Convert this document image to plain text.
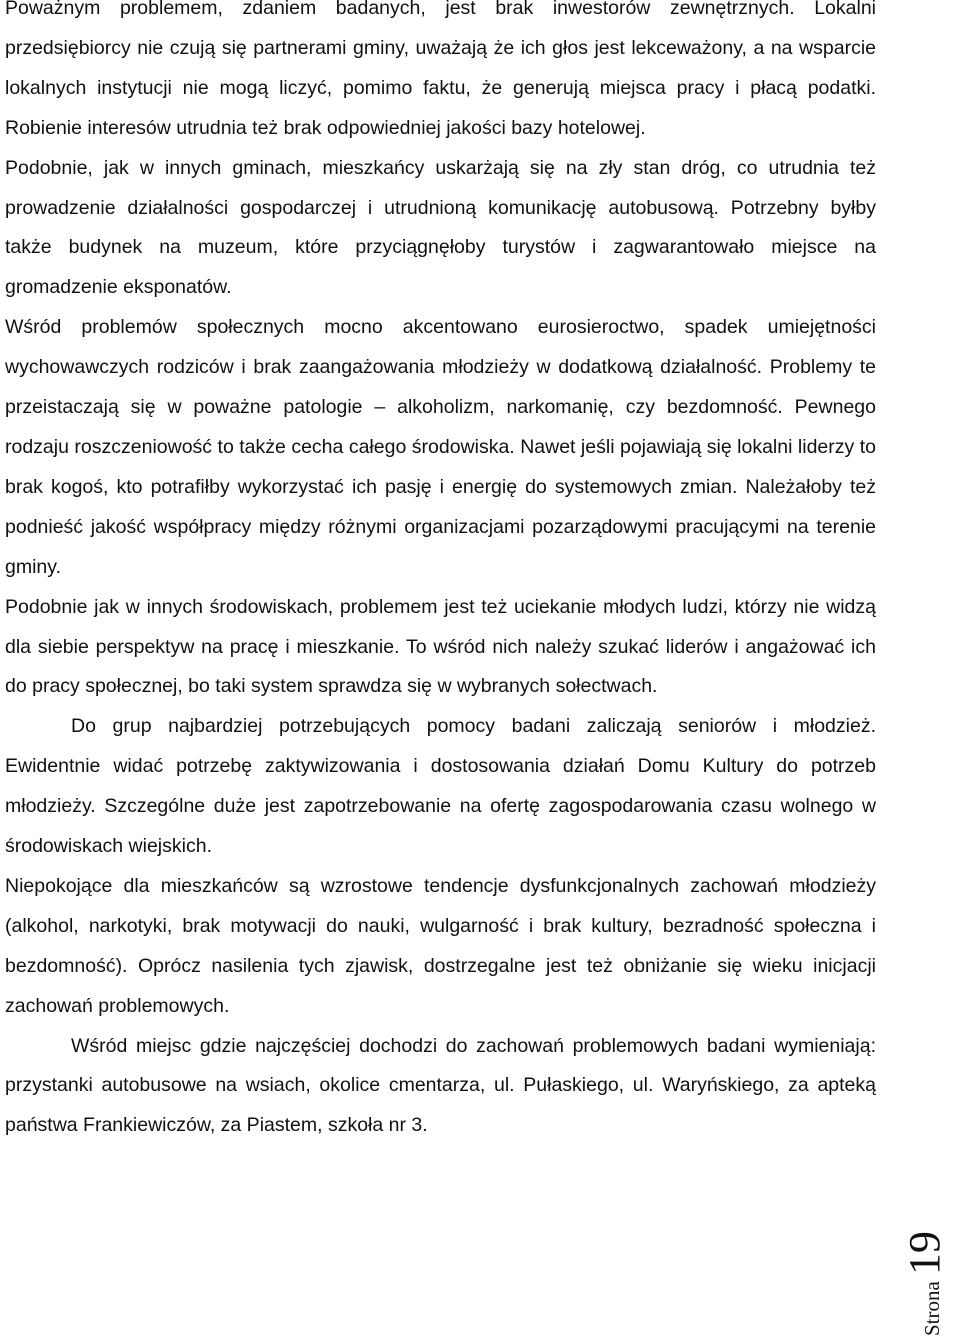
Poważnym problemem, zdaniem badanych, jest brak inwestorów zewnętrznych. Lokalni przedsiębiorcy nie czują się partnerami gminy, uważają że ich głos jest lekceważony, a na wsparcie lokalnych instytucji nie mogą liczyć, pomimo faktu, że generują miejsca pracy i płacą podatki. Robienie interesów utrudnia też brak odpowiedniej jakości bazy hotelowej.

Podobnie, jak w innych gminach, mieszkańcy uskarżają się na zły stan dróg, co utrudnia też prowadzenie działalności gospodarczej i utrudnioną komunikację autobusową. Potrzebny byłby także budynek na muzeum, które przyciągnęłoby turystów i zagwarantowało miejsce na gromadzenie eksponatów.

Wśród problemów społecznych mocno akcentowano eurosieroctwo, spadek umiejętności wychowawczych rodziców i brak zaangażowania młodzieży w dodatkową działalność. Problemy te przeistaczają się w poważne patologie – alkoholizm, narkomanię, czy bezdomność. Pewnego rodzaju roszczeniowość to także cecha całego środowiska. Nawet jeśli pojawiają się lokalni liderzy to brak kogoś, kto potrafiłby wykorzystać ich pasję i energię do systemowych zmian. Należałoby też podnieść jakość współpracy między różnymi organizacjami pozarządowymi pracującymi na terenie gminy.

Podobnie jak w innych środowiskach, problemem jest też uciekanie młodych ludzi, którzy nie widzą dla siebie perspektyw na pracę i mieszkanie. To wśród nich należy szukać liderów i angażować ich do pracy społecznej, bo taki system sprawdza się w wybranych sołectwach.

Do grup najbardziej potrzebujących pomocy badani zaliczają seniorów i młodzież. Ewidentnie widać potrzebę zaktywizowania i dostosowania działań Domu Kultury do potrzeb młodzieży. Szczególne duże jest zapotrzebowanie na ofertę zagospodarowania czasu wolnego w środowiskach wiejskich.

Niepokojące dla mieszkańców są wzrostowe tendencje dysfunkcjonalnych zachowań młodzieży (alkohol, narkotyki, brak motywacji do nauki, wulgarność i brak kultury, bezradność społeczna i bezdomność). Oprócz nasilenia tych zjawisk, dostrzegalne jest też obniżanie się wieku inicjacji zachowań problemowych.

Wśród miejsc gdzie najczęściej dochodzi do zachowań problemowych badani wymieniają: przystanki autobusowe na wsiach, okolice cmentarza, ul. Pułaskiego, ul. Waryńskiego, za apteką państwa Frankiewiczów, za Piastem, szkoła nr 3.

Strona
19
